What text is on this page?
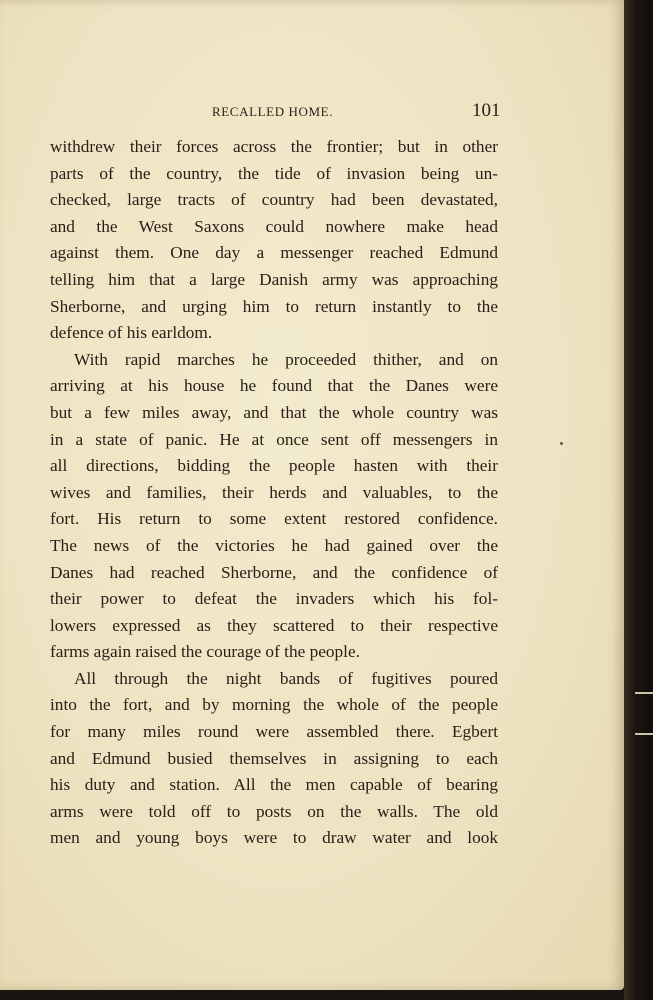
RECALLED HOME.	101
withdrew their forces across the frontier; but in other
parts of the country, the tide of invasion being un-
checked, large tracts of country had been devastated,
and the West Saxons could nowhere make head
against them. One day a messenger reached Edmund
telling him that a large Danish army was approaching
Sherborne, and urging him to return instantly to the
defence of his earldom.
With rapid marches he proceeded thither, and on
arriving at his house he found that the Danes were
but a few miles away, and that the whole country was
in a state of panic. He at once sent off messengers in
all directions, bidding the people hasten with their
wives and families, their herds and valuables, to the
fort. His return to some extent restored confidence.
The news of the victories he had gained over the
Danes had reached Sherborne, and the confidence of
their power to defeat the invaders which his fol-
lowers expressed as they scattered to their respective
farms again raised the courage of the people.
All through the night bands of fugitives poured
into the fort, and by morning the whole of the people
for many miles round were assembled there. Egbert
and Edmund busied themselves in assigning to each
his duty and station. All the men capable of bearing
arms were told off to posts on the walls. The old
men and young boys were to draw water and look
